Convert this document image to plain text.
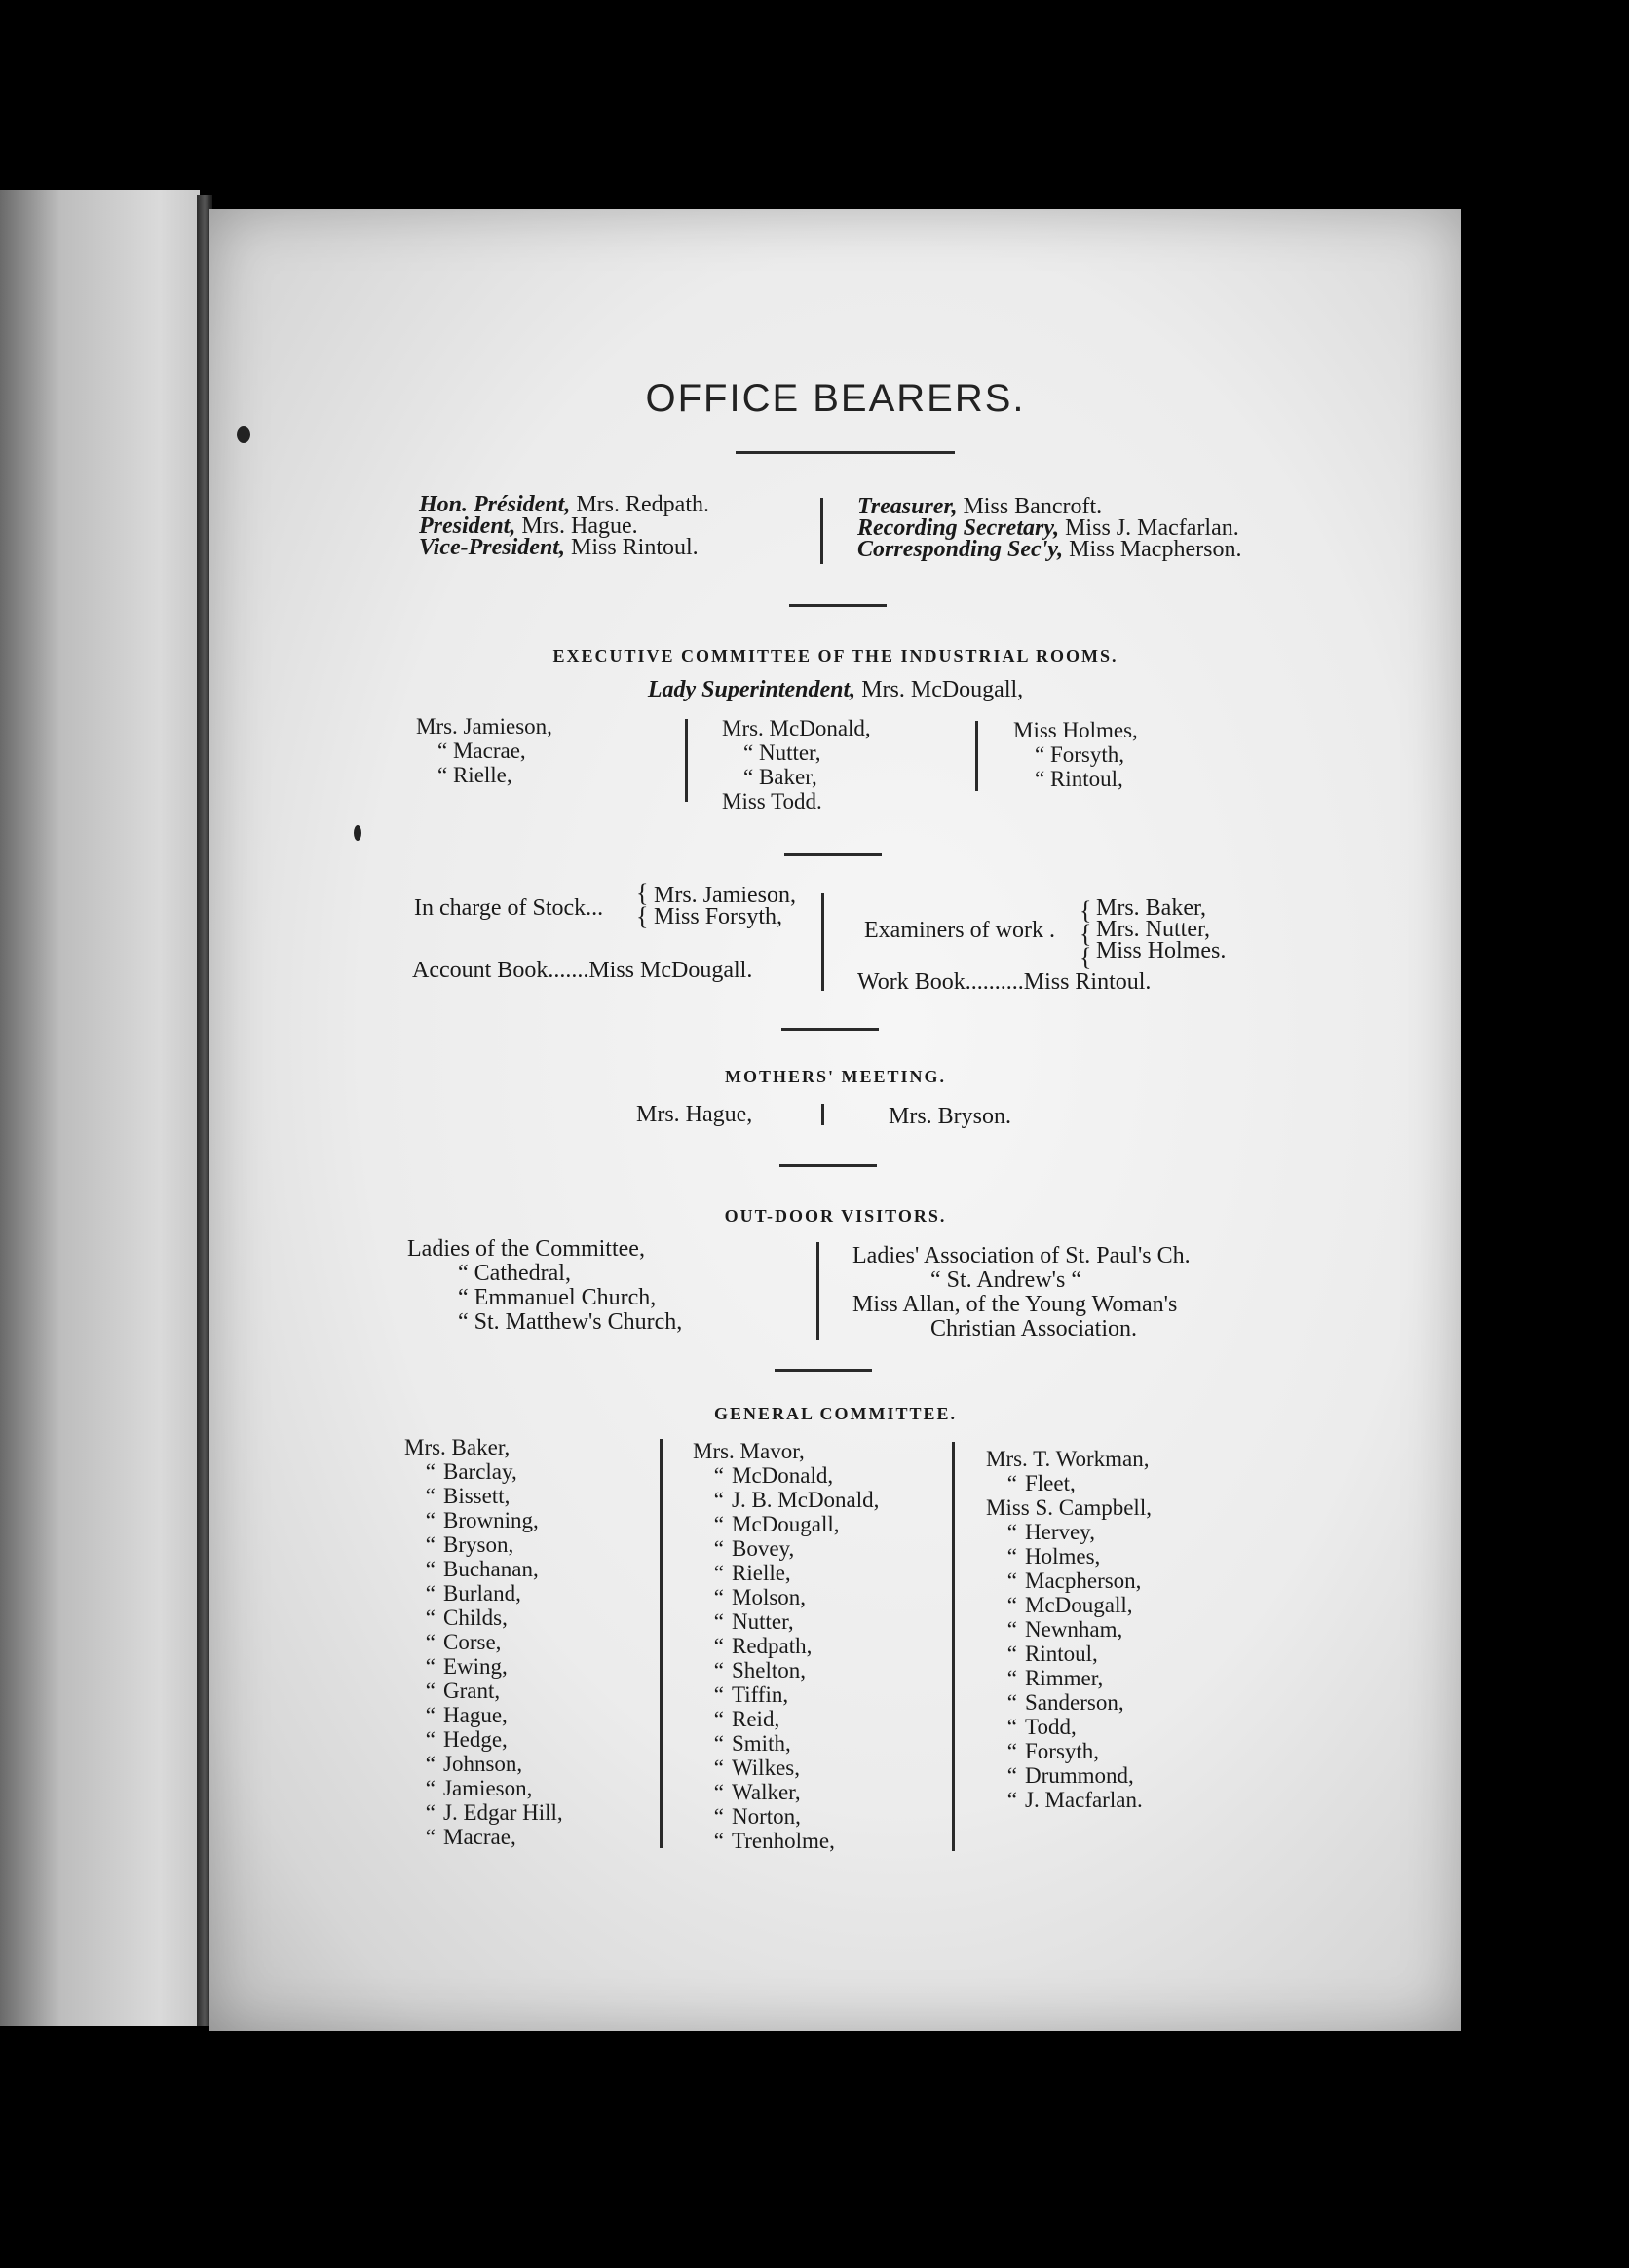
OFFICE BEARERS.
Hon. Président, Mrs. Redpath.
President, Mrs. Hague.
Vice-President, Miss Rintoul.
Treasurer, Miss Bancroft.
Recording Secretary, Miss J. Macfarlan.
Corresponding Sec'y, Miss Macpherson.
EXECUTIVE COMMITTEE OF THE INDUSTRIAL ROOMS.
Lady Superintendent, Mrs. McDougall,
Mrs. Jamieson,
“ Macrae,
“ Rielle,
Mrs. McDonald,
“ Nutter,
“ Baker,
Miss Todd.
Miss Holmes,
“ Forsyth,
“ Rintoul,
In charge of Stock...
{
{
Mrs. Jamieson,
Miss Forsyth,
Account Book.......Miss McDougall.
Examiners of work .
{
{
{
Mrs. Baker,
Mrs. Nutter,
Miss Holmes.
Work Book..........Miss Rintoul.
MOTHERS' MEETING.
Mrs. Hague,	Mrs. Bryson.
OUT-DOOR VISITORS.
Ladies of the Committee,
“ Cathedral,
“ Emmanuel Church,
“ St. Matthew's Church,
Ladies' Association of St. Paul's Ch.
“ St. Andrew's “
Miss Allan, of the Young Woman's
Christian Association.
GENERAL COMMITTEE.
Mrs. Baker,
“ Barclay,
“ Bissett,
“ Browning,
“ Bryson,
“ Buchanan,
“ Burland,
“ Childs,
“ Corse,
“ Ewing,
“ Grant,
“ Hague,
“ Hedge,
“ Johnson,
“ Jamieson,
“ J. Edgar Hill,
“ Macrae,
Mrs. Mavor,
“ McDonald,
“ J. B. McDonald,
“ McDougall,
“ Bovey,
“ Rielle,
“ Molson,
“ Nutter,
“ Redpath,
“ Shelton,
“ Tiffin,
“ Reid,
“ Smith,
“ Wilkes,
“ Walker,
“ Norton,
“ Trenholme,
Mrs. T. Workman,
“ Fleet,
Miss S. Campbell,
“ Hervey,
“ Holmes,
“ Macpherson,
“ McDougall,
“ Newnham,
“ Rintoul,
“ Rimmer,
“ Sanderson,
“ Todd,
“ Forsyth,
“ Drummond,
“ J. Macfarlan.
